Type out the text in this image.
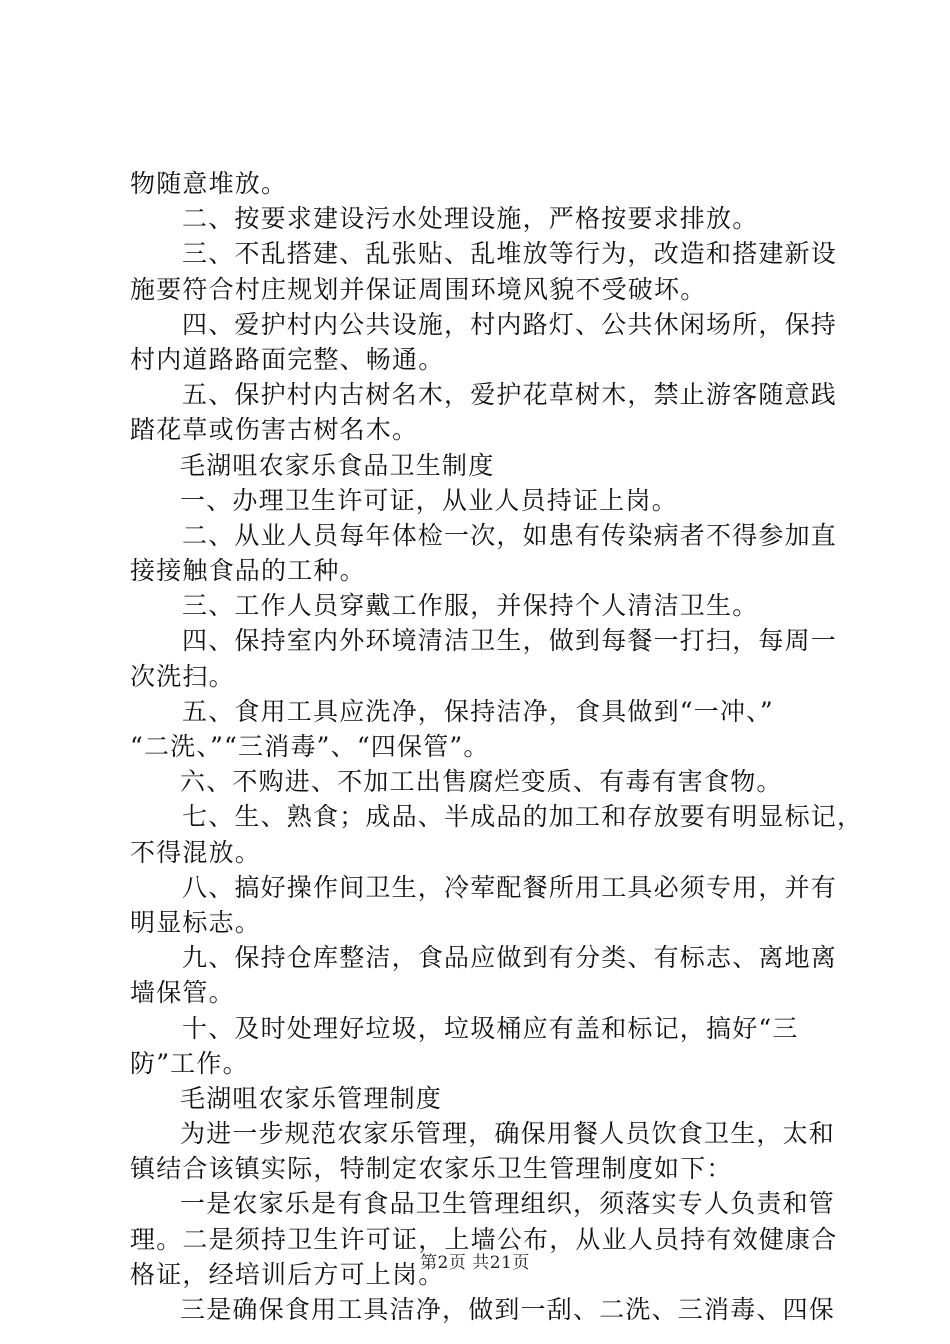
物随意堆放。
二、按要求建设污水处理设施，严格按要求排放。
三、不乱搭建、乱张贴、乱堆放等行为，改造和搭建新设
施要符合村庄规划并保证周围环境风貌不受破坏。
四、爱护村内公共设施，村内路灯、公共休闲场所，保持
村内道路路面完整、畅通。
五、保护村内古树名木，爱护花草树木，禁止游客随意践
踏花草或伤害古树名木。
毛湖咀农家乐食品卫生制度
一、办理卫生许可证，从业人员持证上岗。
二、从业人员每年体检一次，如患有传染病者不得参加直
接接触食品的工种。
三、工作人员穿戴工作服，并保持个人清洁卫生。
四、保持室内外环境清洁卫生，做到每餐一打扫，每周一
次洗扫。
五、食用工具应洗净，保持洁净，食具做到“一冲、”
“二洗、”“三消毒”、“四保管”。
六、不购进、不加工出售腐烂变质、有毒有害食物。
七、生、熟食；成品、半成品的加工和存放要有明显标记，
不得混放。
八、搞好操作间卫生，冷荤配餐所用工具必须专用，并有
明显标志。
九、保持仓库整洁，食品应做到有分类、有标志、离地离
墙保管。
十、及时处理好垃圾，垃圾桶应有盖和标记，搞好“三
防”工作。
毛湖咀农家乐管理制度
为进一步规范农家乐管理，确保用餐人员饮食卫生，太和
镇结合该镇实际，特制定农家乐卫生管理制度如下：
一是农家乐是有食品卫生管理组织，须落实专人负责和管
理。二是须持卫生许可证，上墙公布，从业人员持有效健康合
格证，经培训后方可上岗。
三是确保食用工具洁净，做到一刮、二洗、三消毒、四保
第2页 共21页
